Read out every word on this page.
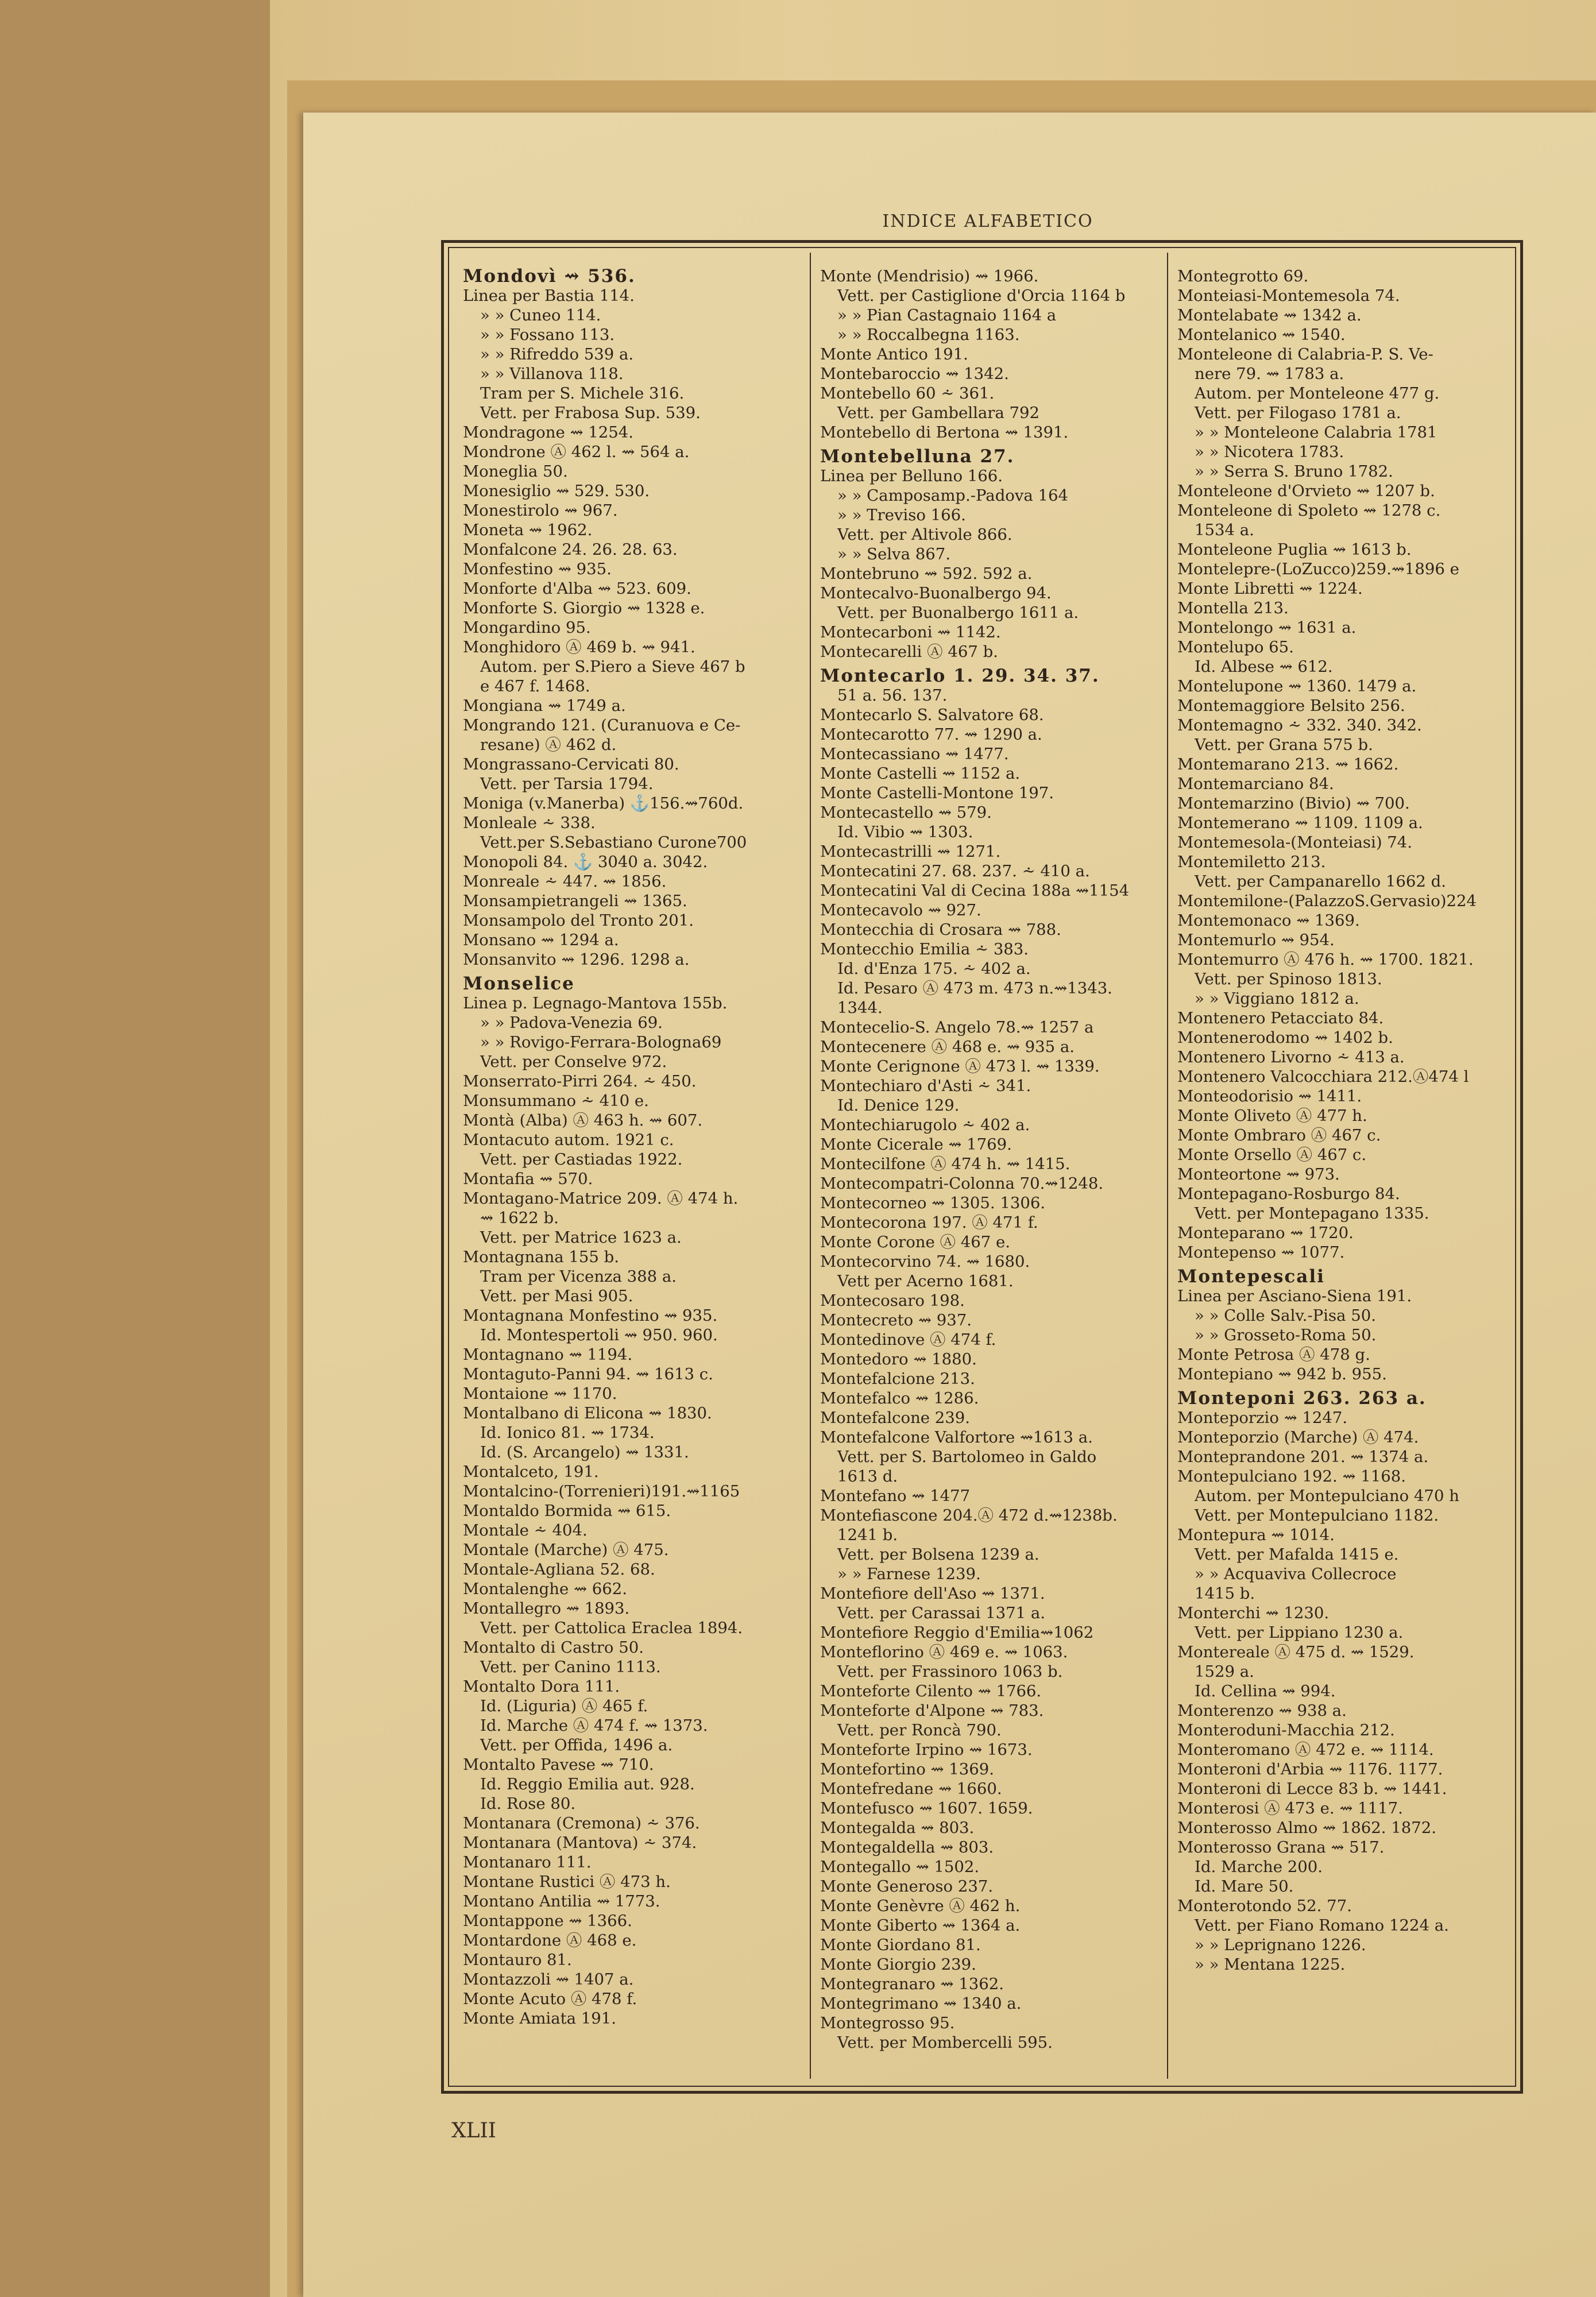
INDICE ALFABETICO
Mondovì ⇝ 536.
Linea per Bastia 114.
» » Cuneo 114.
» » Fossano 113.
» » Rifreddo 539 a.
» » Villanova 118.
Tram per S. Michele 316.
Vett. per Frabosa Sup. 539.
Mondragone ⇝ 1254.
Mondrone Ⓐ 462 l. ⇝ 564 a.
Moneglia 50.
Monesiglio ⇝ 529. 530.
Monestirolo ⇝ 967.
Moneta ⇝ 1962.
Monfalcone 24. 26. 28. 63.
Monfestino ⇝ 935.
Monforte d'Alba ⇝ 523. 609.
Monforte S. Giorgio ⇝ 1328 e.
Mongardino 95.
Monghidoro Ⓐ 469 b. ⇝ 941.
Autom. per S.Piero a Sieve 467 b
e 467 f. 1468.
Mongiana ⇝ 1749 a.
Mongrando 121. (Curanuova e Ce-
resane) Ⓐ 462 d.
Mongrassano-Cervicati 80.
Vett. per Tarsia 1794.
Moniga (v.Manerba) ⚓156.⇝760d.
Monleale ⩪ 338.
Vett.per S.Sebastiano Curone700
Monopoli 84. ⚓ 3040 a. 3042.
Monreale ⩪ 447. ⇝ 1856.
Monsampietrangeli ⇝ 1365.
Monsampolo del Tronto 201.
Monsano ⇝ 1294 a.
Monsanvito ⇝ 1296. 1298 a.
Monselice
Linea p. Legnago-Mantova 155b.
» » Padova-Venezia 69.
» » Rovigo-Ferrara-Bologna69
Vett. per Conselve 972.
Monserrato-Pirri 264. ⩪ 450.
Monsummano ⩪ 410 e.
Montà (Alba) Ⓐ 463 h. ⇝ 607.
Montacuto autom. 1921 c.
Vett. per Castiadas 1922.
Montafia ⇝ 570.
Montagano-Matrice 209. Ⓐ 474 h.
⇝ 1622 b.
Vett. per Matrice 1623 a.
Montagnana 155 b.
Tram per Vicenza 388 a.
Vett. per Masi 905.
Montagnana Monfestino ⇝ 935.
Id. Montespertoli ⇝ 950. 960.
Montagnano ⇝ 1194.
Montaguto-Panni 94. ⇝ 1613 c.
Montaione ⇝ 1170.
Montalbano di Elicona ⇝ 1830.
Id. Ionico 81. ⇝ 1734.
Id. (S. Arcangelo) ⇝ 1331.
Montalceto, 191.
Montalcino-(Torrenieri)191.⇝1165
Montaldo Bormida ⇝ 615.
Montale ⩪ 404.
Montale (Marche) Ⓐ 475.
Montale-Agliana 52. 68.
Montalenghe ⇝ 662.
Montallegro ⇝ 1893.
Vett. per Cattolica Eraclea 1894.
Montalto di Castro 50.
Vett. per Canino 1113.
Montalto Dora 111.
Id. (Liguria) Ⓐ 465 f.
Id. Marche Ⓐ 474 f. ⇝ 1373.
Vett. per Offida, 1496 a.
Montalto Pavese ⇝ 710.
Id. Reggio Emilia aut. 928.
Id. Rose 80.
Montanara (Cremona) ⩪ 376.
Montanara (Mantova) ⩪ 374.
Montanaro 111.
Montane Rustici Ⓐ 473 h.
Montano Antilia ⇝ 1773.
Montappone ⇝ 1366.
Montardone Ⓐ 468 e.
Montauro 81.
Montazzoli ⇝ 1407 a.
Monte Acuto Ⓐ 478 f.
Monte Amiata 191.
Monte (Mendrisio) ⇝ 1966.
Vett. per Castiglione d'Orcia 1164 b
» » Pian Castagnaio 1164 a
» » Roccalbegna 1163.
Monte Antico 191.
Montebaroccio ⇝ 1342.
Montebello 60 ⩪ 361.
Vett. per Gambellara 792
Montebello di Bertona ⇝ 1391.
Montebelluna 27.
Linea per Belluno 166.
» » Camposamp.-Padova 164
» » Treviso 166.
Vett. per Altivole 866.
» » Selva 867.
Montebruno ⇝ 592. 592 a.
Montecalvo-Buonalbergo 94.
Vett. per Buonalbergo 1611 a.
Montecarboni ⇝ 1142.
Montecarelli Ⓐ 467 b.
Montecarlo 1. 29. 34. 37.
51 a. 56. 137.
Montecarlo S. Salvatore 68.
Montecarotto 77. ⇝ 1290 a.
Montecassiano ⇝ 1477.
Monte Castelli ⇝ 1152 a.
Monte Castelli-Montone 197.
Montecastello ⇝ 579.
Id. Vibio ⇝ 1303.
Montecastrilli ⇝ 1271.
Montecatini 27. 68. 237. ⩪ 410 a.
Montecatini Val di Cecina 188a ⇝1154
Montecavolo ⇝ 927.
Montecchia di Crosara ⇝ 788.
Montecchio Emilia ⩪ 383.
Id. d'Enza 175. ⩪ 402 a.
Id. Pesaro Ⓐ 473 m. 473 n.⇝1343.
1344.
Montecelio-S. Angelo 78.⇝ 1257 a
Montecenere Ⓐ 468 e. ⇝ 935 a.
Monte Cerignone Ⓐ 473 l. ⇝ 1339.
Montechiaro d'Asti ⩪ 341.
Id. Denice 129.
Montechiarugolo ⩪ 402 a.
Monte Cicerale ⇝ 1769.
Montecilfone Ⓐ 474 h. ⇝ 1415.
Montecompatri-Colonna 70.⇝1248.
Montecorneo ⇝ 1305. 1306.
Montecorona 197. Ⓐ 471 f.
Monte Corone Ⓐ 467 e.
Montecorvino 74. ⇝ 1680.
Vett per Acerno 1681.
Montecosaro 198.
Montecreto ⇝ 937.
Montedinove Ⓐ 474 f.
Montedoro ⇝ 1880.
Montefalcione 213.
Montefalco ⇝ 1286.
Montefalcone 239.
Montefalcone Valfortore ⇝1613 a.
Vett. per S. Bartolomeo in Galdo
1613 d.
Montefano ⇝ 1477
Montefiascone 204.Ⓐ 472 d.⇝1238b.
1241 b.
Vett. per Bolsena 1239 a.
» » Farnese 1239.
Montefiore dell'Aso ⇝ 1371.
Vett. per Carassai 1371 a.
Montefiore Reggio d'Emilia⇝1062
Monteflorino Ⓐ 469 e. ⇝ 1063.
Vett. per Frassinoro 1063 b.
Monteforte Cilento ⇝ 1766.
Monteforte d'Alpone ⇝ 783.
Vett. per Roncà 790.
Monteforte Irpino ⇝ 1673.
Montefortino ⇝ 1369.
Montefredane ⇝ 1660.
Montefusco ⇝ 1607. 1659.
Montegalda ⇝ 803.
Montegaldella ⇝ 803.
Montegallo ⇝ 1502.
Monte Generoso 237.
Monte Genèvre Ⓐ 462 h.
Monte Giberto ⇝ 1364 a.
Monte Giordano 81.
Monte Giorgio 239.
Montegranaro ⇝ 1362.
Montegrimano ⇝ 1340 a.
Montegrosso 95.
Vett. per Mombercelli 595.
Montegrotto 69.
Monteiasi-Montemesola 74.
Montelabate ⇝ 1342 a.
Montelanico ⇝ 1540.
Monteleone di Calabria-P. S. Ve-
nere 79. ⇝ 1783 a.
Autom. per Monteleone 477 g.
Vett. per Filogaso 1781 a.
» » Monteleone Calabria 1781
» » Nicotera 1783.
» » Serra S. Bruno 1782.
Monteleone d'Orvieto ⇝ 1207 b.
Monteleone di Spoleto ⇝ 1278 c.
1534 a.
Monteleone Puglia ⇝ 1613 b.
Montelepre-(LoZucco)259.⇝1896 e
Monte Libretti ⇝ 1224.
Montella 213.
Montelongo ⇝ 1631 a.
Montelupo 65.
Id. Albese ⇝ 612.
Montelupone ⇝ 1360. 1479 a.
Montemaggiore Belsito 256.
Montemagno ⩪ 332. 340. 342.
Vett. per Grana 575 b.
Montemarano 213. ⇝ 1662.
Montemarciano 84.
Montemarzino (Bivio) ⇝ 700.
Montemerano ⇝ 1109. 1109 a.
Montemesola-(Monteiasi) 74.
Montemiletto 213.
Vett. per Campanarello 1662 d.
Montemilone-(PalazzoS.Gervasio)224
Montemonaco ⇝ 1369.
Montemurlo ⇝ 954.
Montemurro Ⓐ 476 h. ⇝ 1700. 1821.
Vett. per Spinoso 1813.
» » Viggiano 1812 a.
Montenero Petacciato 84.
Montenerodomo ⇝ 1402 b.
Montenero Livorno ⩪ 413 a.
Montenero Valcocchiara 212.Ⓐ474 l
Monteodorisio ⇝ 1411.
Monte Oliveto Ⓐ 477 h.
Monte Ombraro Ⓐ 467 c.
Monte Orsello Ⓐ 467 c.
Monteortone ⇝ 973.
Montepagano-Rosburgo 84.
Vett. per Montepagano 1335.
Monteparano ⇝ 1720.
Montepenso ⇝ 1077.
Montepescali
Linea per Asciano-Siena 191.
» » Colle Salv.-Pisa 50.
» » Grosseto-Roma 50.
Monte Petrosa Ⓐ 478 g.
Montepiano ⇝ 942 b. 955.
Monteponi 263. 263 a.
Monteporzio ⇝ 1247.
Monteporzio (Marche) Ⓐ 474.
Monteprandone 201. ⇝ 1374 a.
Montepulciano 192. ⇝ 1168.
Autom. per Montepulciano 470 h
Vett. per Montepulciano 1182.
Montepura ⇝ 1014.
Vett. per Mafalda 1415 e.
» » Acquaviva Collecroce
1415 b.
Monterchi ⇝ 1230.
Vett. per Lippiano 1230 a.
Montereale Ⓐ 475 d. ⇝ 1529.
1529 a.
Id. Cellina ⇝ 994.
Monterenzo ⇝ 938 a.
Monteroduni-Macchia 212.
Monteromano Ⓐ 472 e. ⇝ 1114.
Monteroni d'Arbia ⇝ 1176. 1177.
Monteroni di Lecce 83 b. ⇝ 1441.
Monterosi Ⓐ 473 e. ⇝ 1117.
Monterosso Almo ⇝ 1862. 1872.
Monterosso Grana ⇝ 517.
Id. Marche 200.
Id. Mare 50.
Monterotondo 52. 77.
Vett. per Fiano Romano 1224 a.
» » Leprignano 1226.
» » Mentana 1225.
XLII
